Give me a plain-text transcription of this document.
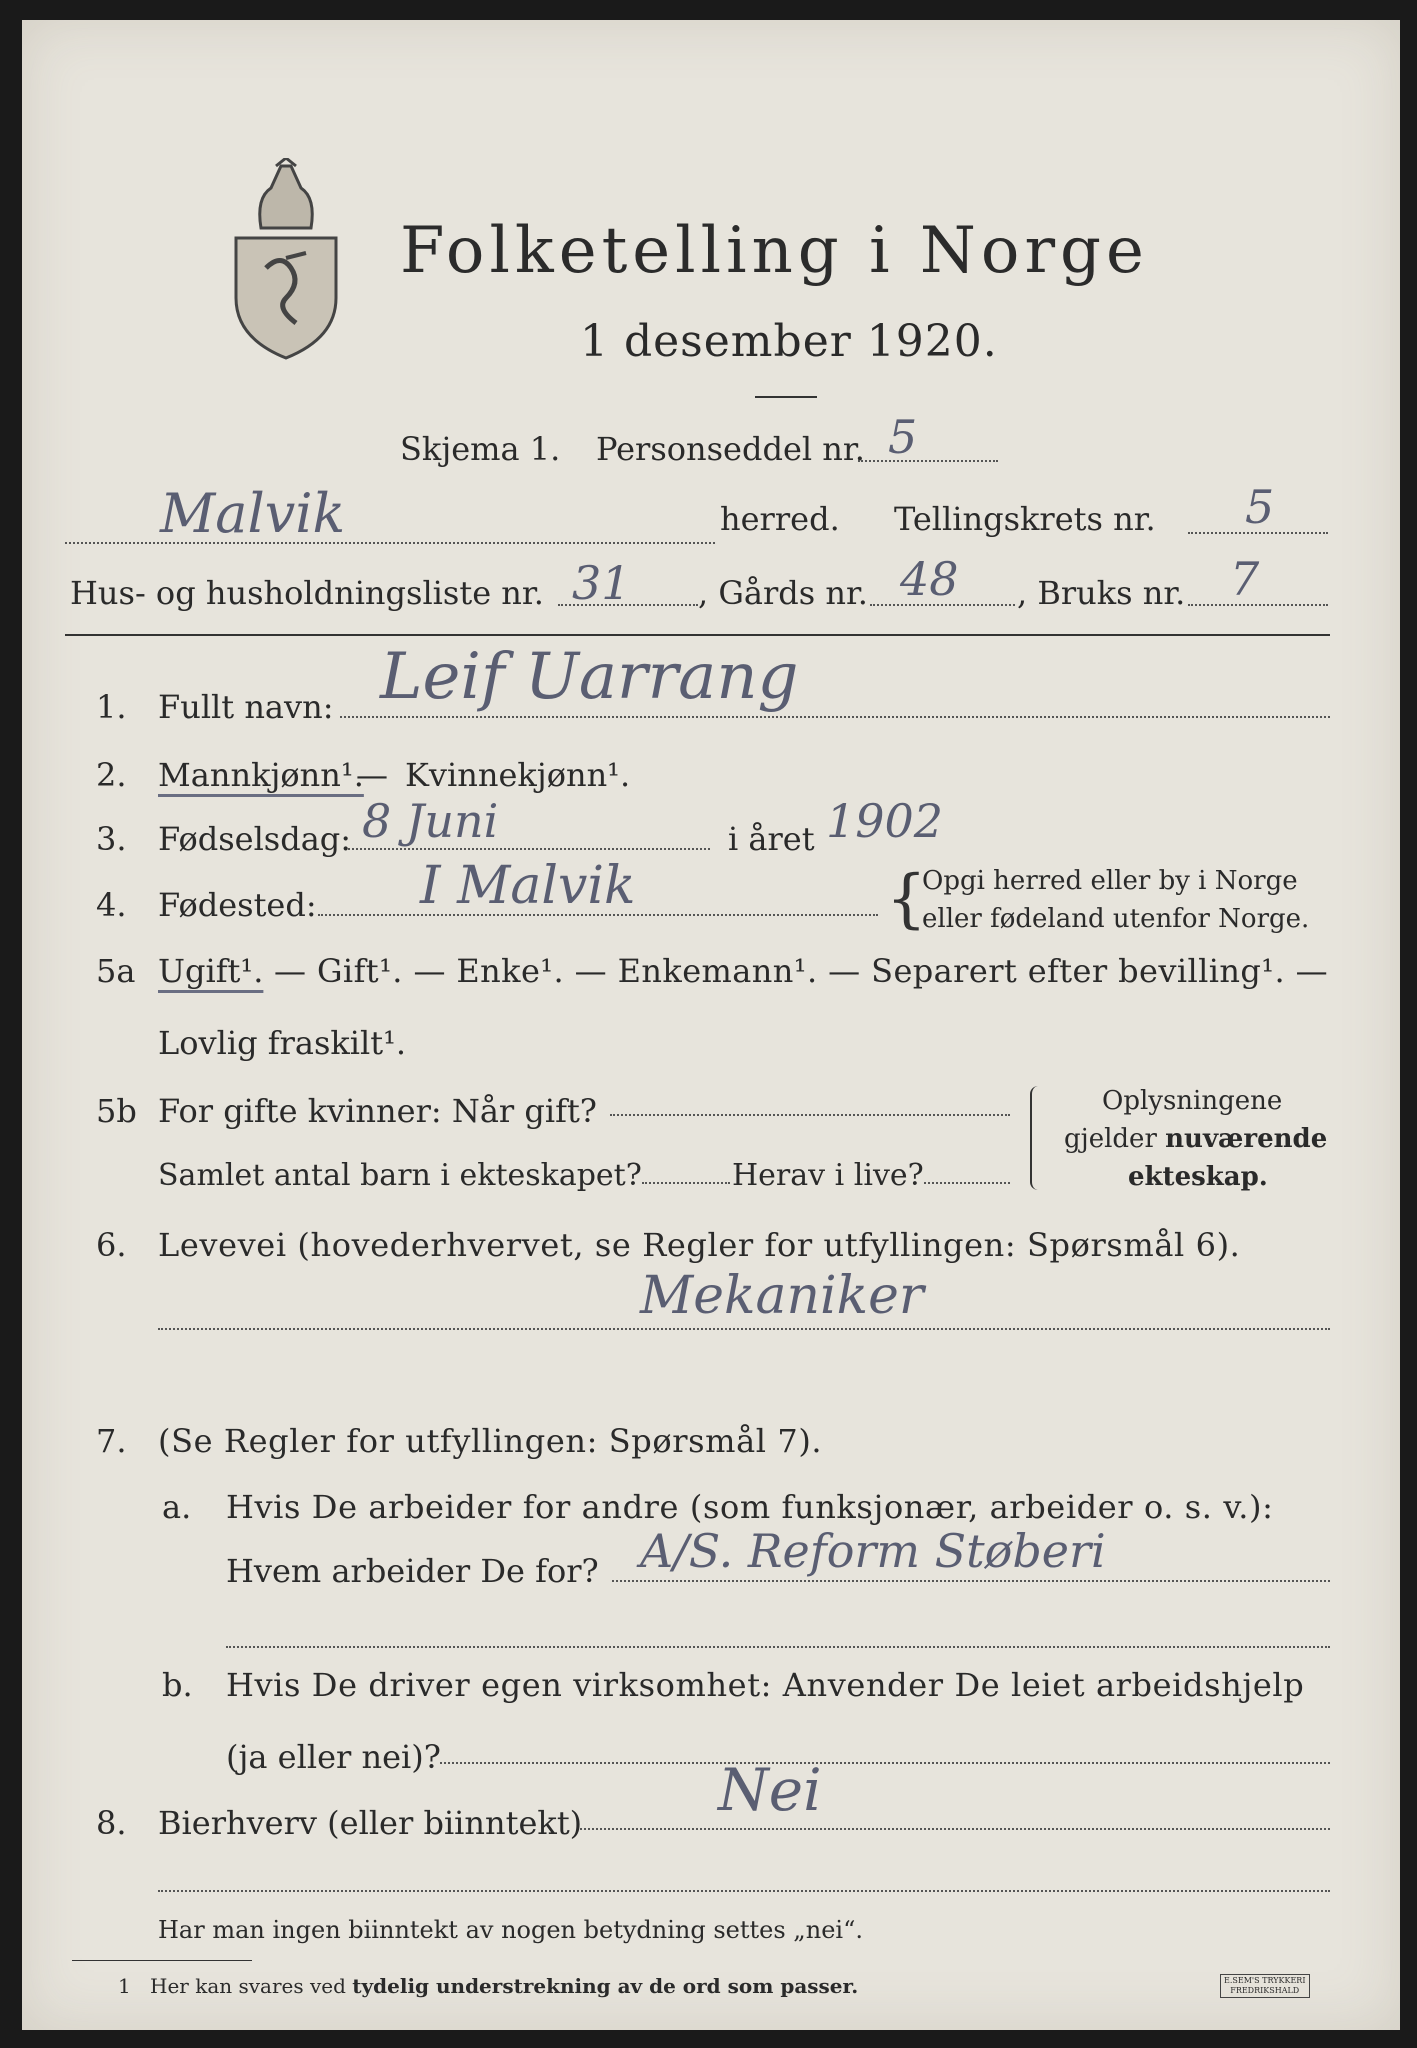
Folketelling i Norge
1 desember 1920.
Skjema 1. Personseddel nr. 5
Malvik	herred. Tellingskrets nr. 5
Hus- og husholdningsliste nr. 31 , Gårds nr. 48 , Bruks nr. 7
1. Fullt navn: Leif Uarrang
2. Mannkjønn¹.
— Kvinnekjønn¹.
3. Fødselsdag: 8 Juni	i året 1902
4. Fødested: I Malvik	{
Opgi herred eller by i Norge
eller fødeland utenfor Norge.
5a Ugift¹. — Gift¹. — Enke¹. — Enkemann¹. — Separert efter bevilling¹. —
Lovlig fraskilt¹.
5b For gifte kvinner: Når gift?
Samlet antal barn i ekteskapet?	Herav i live?
Oplysningene
gjelder nuværende
ekteskap.
6. Levevei (hovederhvervet, se Regler for utfyllingen: Spørsmål 6).
Mekaniker
7. (Se Regler for utfyllingen: Spørsmål 7).
a. Hvis De arbeider for andre (som funksjonær, arbeider o. s. v.):
Hvem arbeider De for? A/S. Reform Støberi
b. Hvis De driver egen virksomhet: Anvender De leiet arbeidshjelp
(ja eller nei)?
8. Bierhverv (eller biinntekt) Nei
Har man ingen biinntekt av nogen betydning settes „nei“.
1 Her kan svares ved tydelig understrekning av de ord som passer.	E.SEM'S TRYKKERI
FREDRIKSHALD
